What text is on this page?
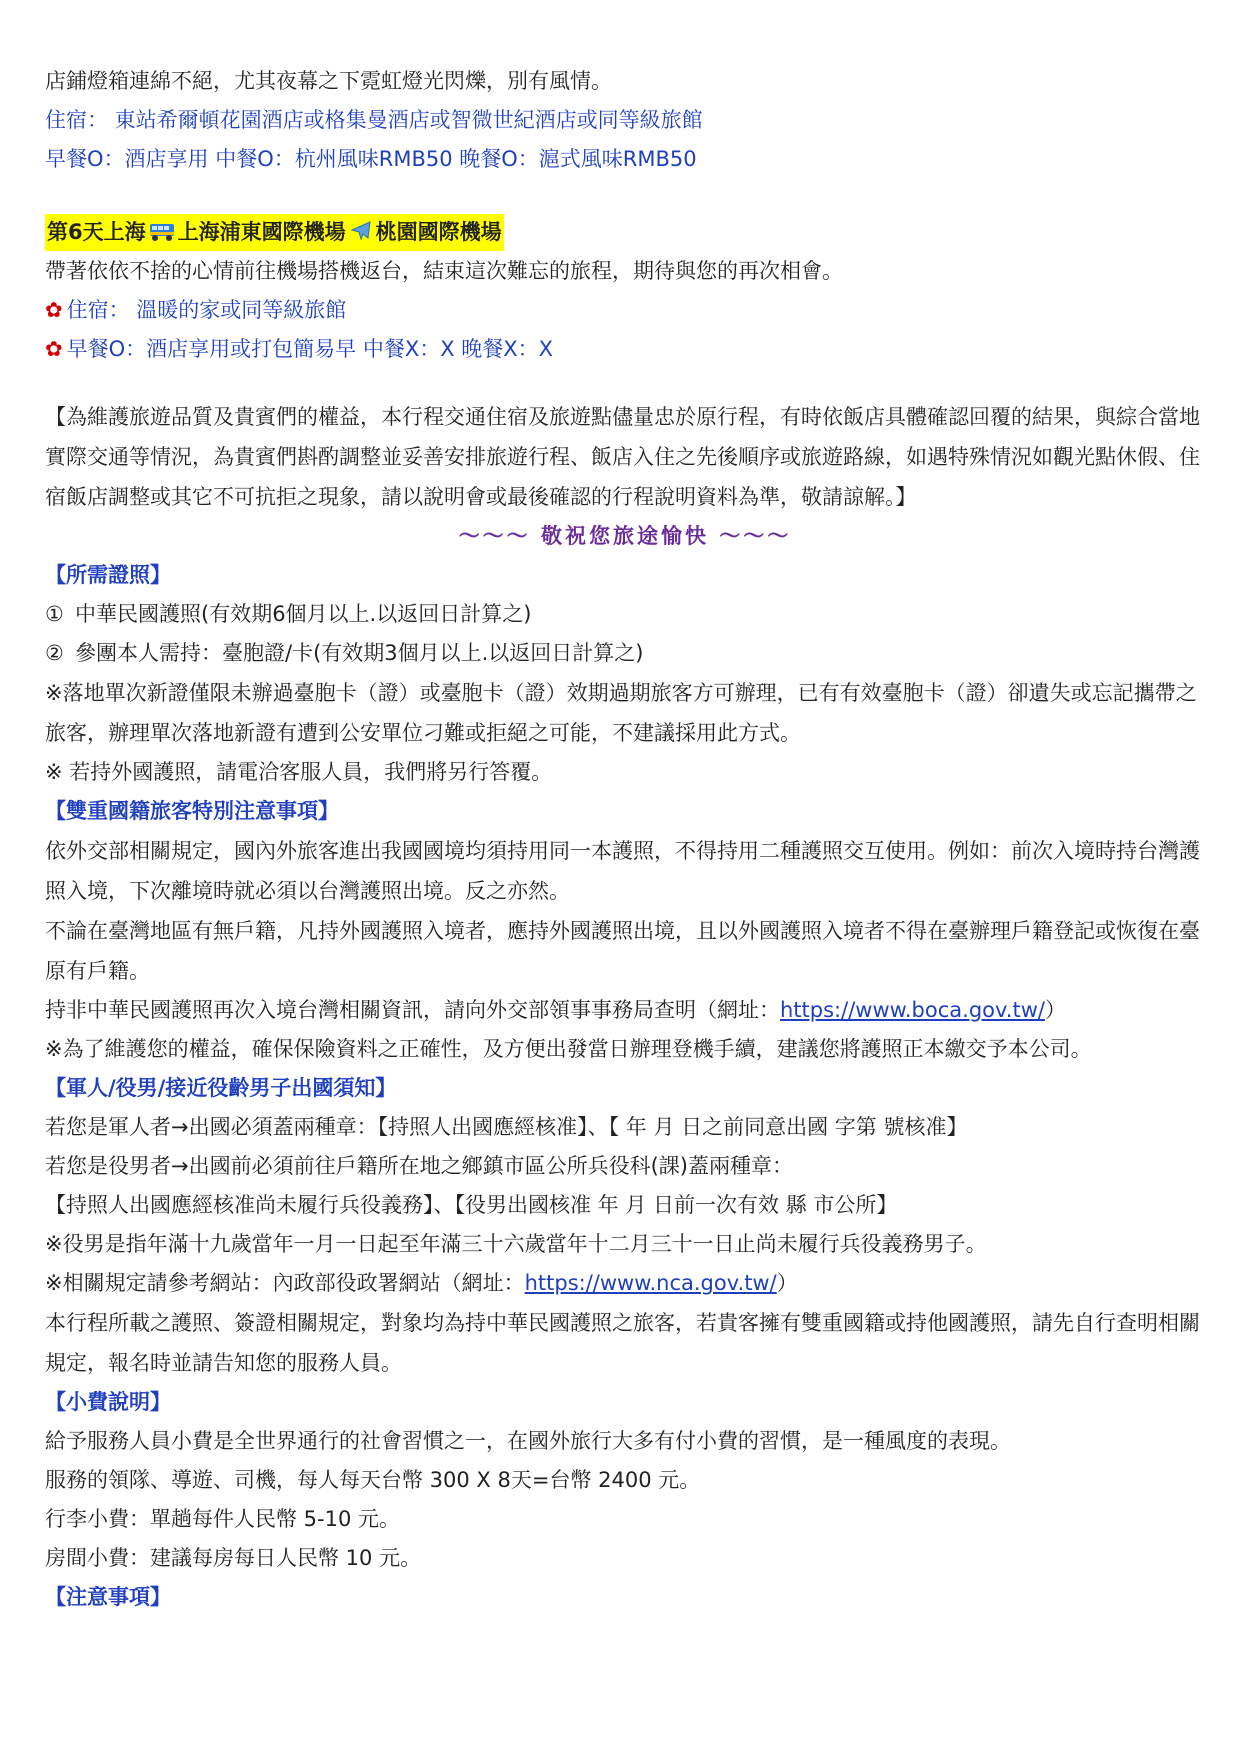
店鋪燈箱連綿不絕，尤其夜幕之下霓虹燈光閃爍，別有風情。
住宿： 東站希爾頓花園酒店或格集曼酒店或智微世紀酒店或同等級旅館
早餐O：酒店享用 中餐O：杭州風味RMB50 晚餐O：滬式風味RMB50
第6天上海 上海浦東國際機場 桃園國際機場
帶著依依不捨的心情前往機場搭機返台，結束這次難忘的旅程，期待與您的再次相會。
✿ 住宿： 溫暖的家或同等級旅館
✿ 早餐O：酒店享用或打包簡易早 中餐X：X 晚餐X：X
【為維護旅遊品質及貴賓們的權益，本行程交通住宿及旅遊點儘量忠於原行程，有時依飯店具體確認回覆的結果，與綜合當地實際交通等情況，為貴賓們斟酌調整並妥善安排旅遊行程、飯店入住之先後順序或旅遊路線，如遇特殊情況如觀光點休假、住宿飯店調整或其它不可抗拒之現象，請以說明會或最後確認的行程說明資料為準，敬請諒解。】
～～～ 敬祝您旅途愉快 ～～～
【所需證照】
① 中華民國護照(有效期6個月以上.以返回日計算之)
② 參團本人需持：臺胞證/卡(有效期3個月以上.以返回日計算之)
※落地單次新證僅限未辦過臺胞卡（證）或臺胞卡（證）效期過期旅客方可辦理，已有有效臺胞卡（證）卻遺失或忘記攜帶之旅客，辦理單次落地新證有遭到公安單位刁難或拒絕之可能，不建議採用此方式。
※ 若持外國護照，請電洽客服人員，我們將另行答覆。
【雙重國籍旅客特別注意事項】
依外交部相關規定，國內外旅客進出我國國境均須持用同一本護照，不得持用二種護照交互使用。例如：前次入境時持台灣護照入境，下次離境時就必須以台灣護照出境。反之亦然。
不論在臺灣地區有無戶籍，凡持外國護照入境者，應持外國護照出境，且以外國護照入境者不得在臺辦理戶籍登記或恢復在臺原有戶籍。
持非中華民國護照再次入境台灣相關資訊，請向外交部領事事務局查明（網址：https://www.boca.gov.tw/）
※為了維護您的權益，確保保險資料之正確性，及方便出發當日辦理登機手續，建議您將護照正本繳交予本公司。
【軍人/役男/接近役齡男子出國須知】
若您是軍人者→出國必須蓋兩種章：【持照人出國應經核准】、【 年 月 日之前同意出國 字第 號核准】
若您是役男者→出國前必須前往戶籍所在地之鄉鎮市區公所兵役科(課)蓋兩種章：
【持照人出國應經核准尚未履行兵役義務】、【役男出國核准 年 月 日前一次有效 縣 市公所】
※役男是指年滿十九歲當年一月一日起至年滿三十六歲當年十二月三十一日止尚未履行兵役義務男子。
※相關規定請參考網站：內政部役政署網站（網址：https://www.nca.gov.tw/）
本行程所載之護照、簽證相關規定，對象均為持中華民國護照之旅客，若貴客擁有雙重國籍或持他國護照，請先自行查明相關規定，報名時並請告知您的服務人員。
【小費說明】
給予服務人員小費是全世界通行的社會習慣之一，在國外旅行大多有付小費的習慣，是一種風度的表現。
服務的領隊、導遊、司機，每人每天台幣 300 X 8天=台幣 2400 元。
行李小費：單趟每件人民幣 5-10 元。
房間小費：建議每房每日人民幣 10 元。
【注意事項】
